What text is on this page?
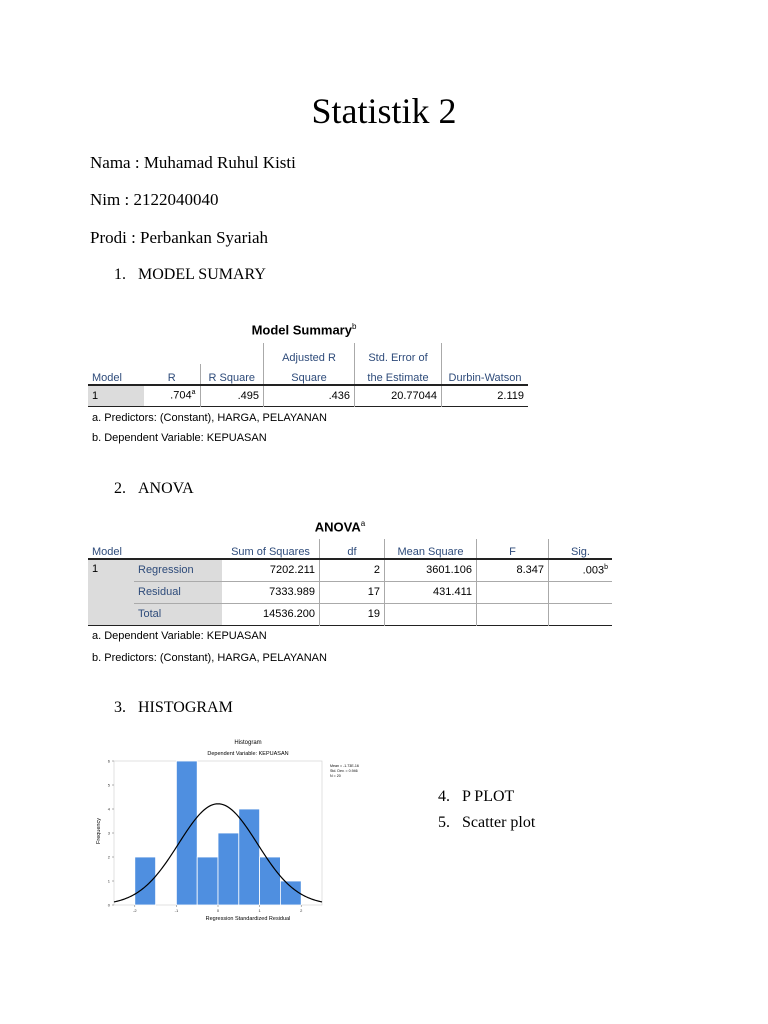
Statistik 2
Nama : Muhamad Ruhul Kisti
Nim : 2122040040
Prodi : Perbankan Syariah
1. MODEL SUMARY
Model Summary$^b$
			Adjusted R	Std. Error of	
Model	R	R Square	Square	the Estimate	Durbin-Watson
1	.704$^a$	.495	.436	20.77044	2.119
a. Predictors: (Constant), HARGA, PELAYANAN
b. Dependent Variable: KEPUASAN
2. ANOVA
ANOVA$^a$
Model		Sum of Squares	df	Mean Square	F	Sig.
1	Regression	7202.211	2	3601.106	8.347	.003$^b$
	Residual	7333.989	17	431.411		
	Total	14536.200	19			
a. Dependent Variable: KEPUASAN
b. Predictors: (Constant), HARGA, PELAYANAN
3. HISTOGRAM
Histogram
Dependent Variable: KEPUASAN
Regression Standardized Residual
Frequency
Mean = -1.73E-16
Std. Dev. = 0.946
N = 20
0
1
2
3
4
5
6
-2	-1	0	1	2
4. P PLOT
5. Scatter plot
